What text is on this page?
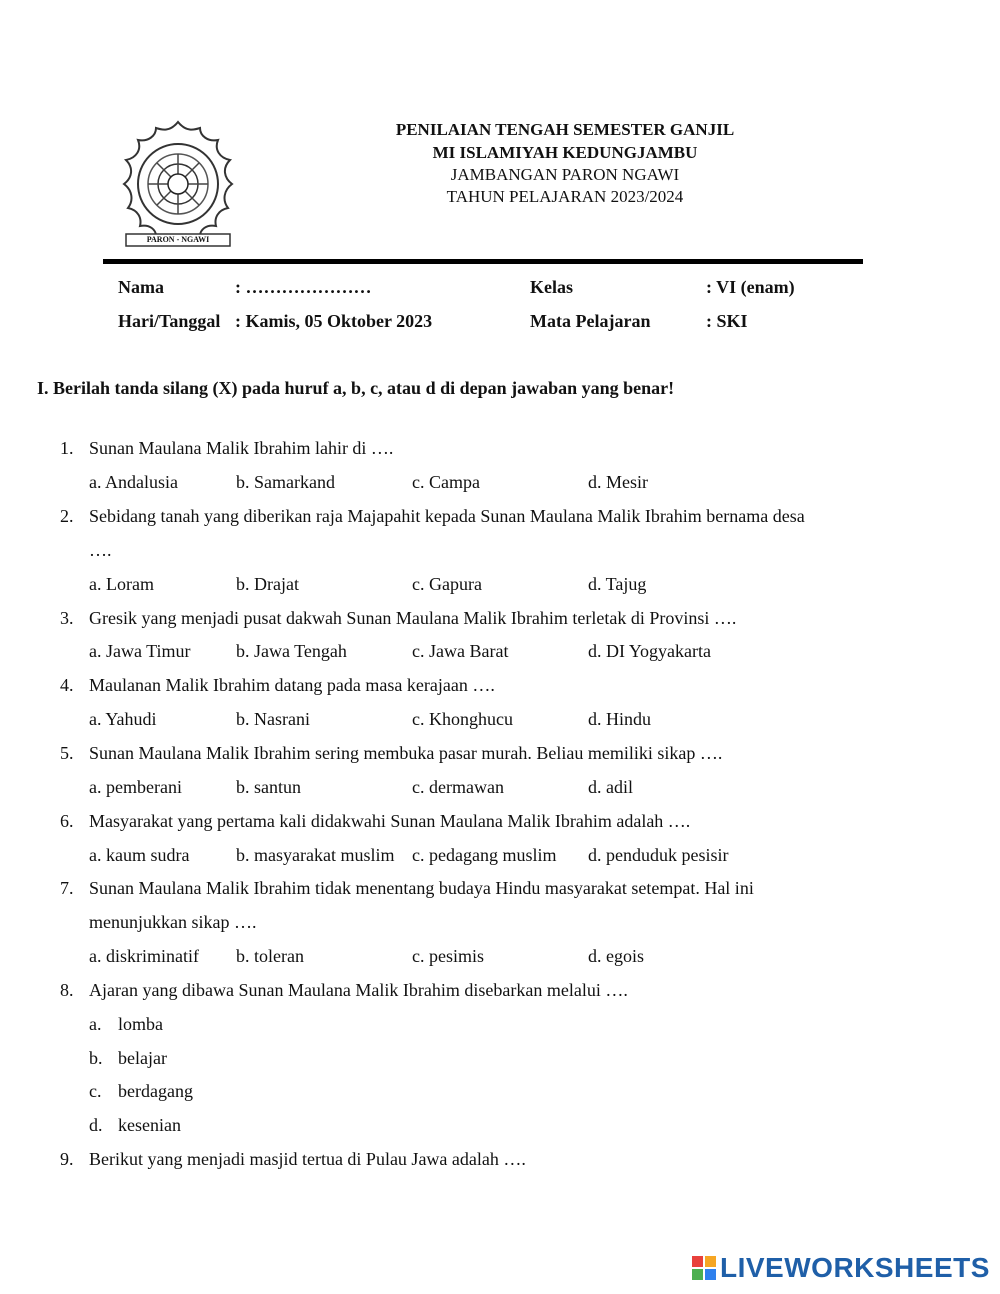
PARON - NGAWI
PENILAIAN TENGAH SEMESTER GANJIL
MI ISLAMIYAH KEDUNGJAMBU
JAMBANGAN PARON NGAWI
TAHUN PELAJARAN 2023/2024
Nama	: …………………	Kelas	: VI (enam)
Hari/Tanggal : Kamis, 05 Oktober 2023	Mata Pelajaran	: SKI
I. Berilah tanda silang (X) pada huruf a, b, c, atau d di depan jawaban yang benar!
1. Sunan Maulana Malik Ibrahim lahir di ….
a. Andalusia	b. Samarkand	c. Campa	d. Mesir
2. Sebidang tanah yang diberikan raja Majapahit kepada Sunan Maulana Malik Ibrahim bernama desa
….
a. Loram	b. Drajat	c. Gapura	d. Tajug
3. Gresik yang menjadi pusat dakwah Sunan Maulana Malik Ibrahim terletak di Provinsi ….
a. Jawa Timur	b. Jawa Tengah	c. Jawa Barat	d. DI Yogyakarta
4. Maulanan Malik Ibrahim datang pada masa kerajaan ….
a. Yahudi	b. Nasrani	c. Khonghucu	d. Hindu
5. Sunan Maulana Malik Ibrahim sering membuka pasar murah. Beliau memiliki sikap ….
a. pemberani	b. santun	c. dermawan	d. adil
6. Masyarakat yang pertama kali didakwahi Sunan Maulana Malik Ibrahim adalah ….
a. kaum sudra	b. masyarakat muslim c. pedagang muslim d. penduduk pesisir
7. Sunan Maulana Malik Ibrahim tidak menentang budaya Hindu masyarakat setempat. Hal ini
menunjukkan sikap ….
a. diskriminatif b. toleran	c. pesimis	d. egois
8. Ajaran yang dibawa Sunan Maulana Malik Ibrahim disebarkan melalui ….
a. lomba
b. belajar
c. berdagang
d. kesenian
9. Berikut yang menjadi masjid tertua di Pulau Jawa adalah ….
LIVEWORKSHEETS
